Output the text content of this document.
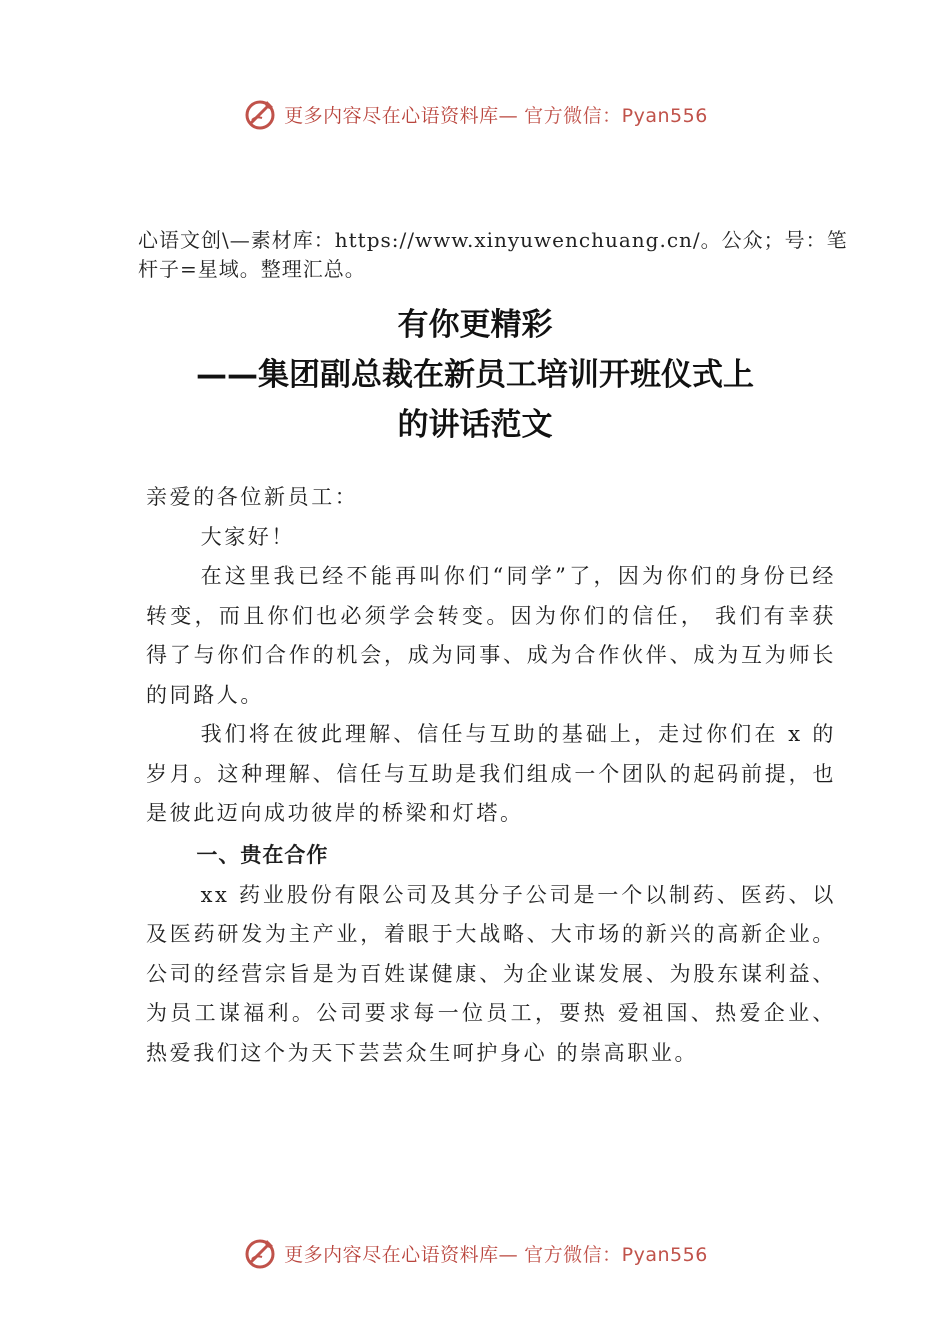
更多内容尽在心语资料库— 官方微信：Pyan556
心语文创\—素材库：https://www.xinyuwenchuang.cn/。公众；号：笔杆子=星域。整理汇总。
有你更精彩
——集团副总裁在新员工培训开班仪式上
的讲话范文

亲爱的各位新员工：

大家好！

在这里我已经不能再叫你们“同学”了，因为你们的身份已经转变，而且你们也必须学会转变。因为你们的信任， 我们有幸获得了与你们合作的机会，成为同事、成为合作伙伴、成为互为师长的同路人。

我们将在彼此理解、信任与互助的基础上，走过你们在 x 的岁月。这种理解、信任与互助是我们组成一个团队的起码前提，也是彼此迈向成功彼岸的桥梁和灯塔。

一、贵在合作

xx 药业股份有限公司及其分子公司是一个以制药、医药、以及医药研发为主产业，着眼于大战略、大市场的新兴的高新企业。公司的经营宗旨是为百姓谋健康、为企业谋发展、为股东谋利益、为员工谋福利。公司要求每一位员工，要热 爱祖国、热爱企业、热爱我们这个为天下芸芸众生呵护身心 的崇高职业。

更多内容尽在心语资料库— 官方微信：Pyan556
